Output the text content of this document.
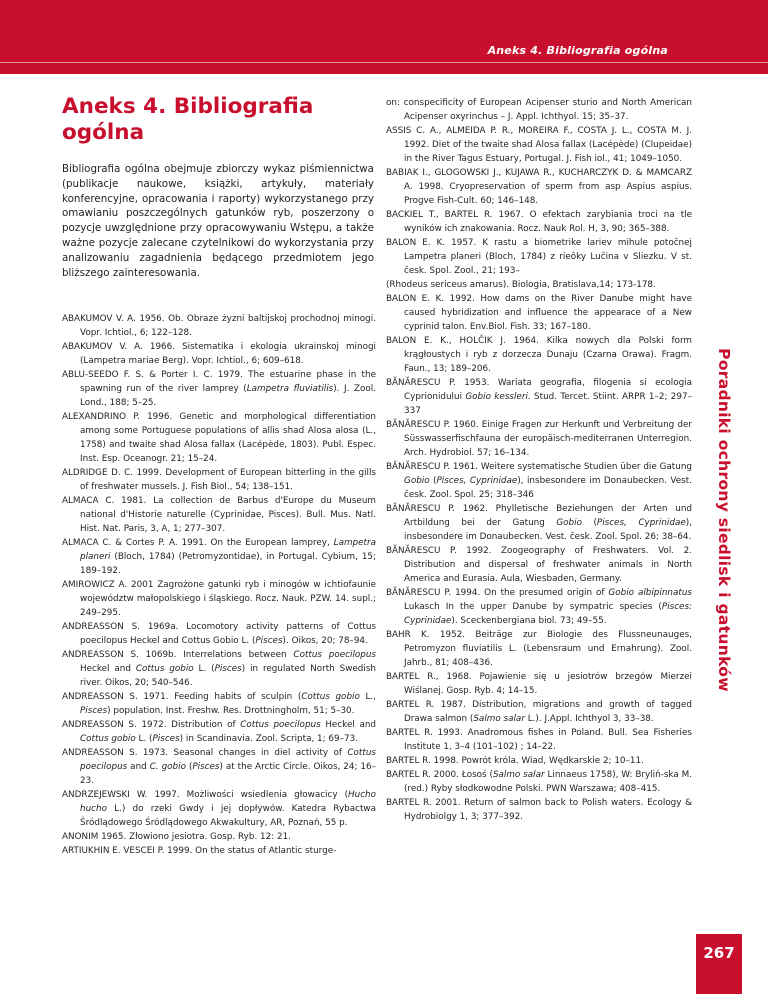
Aneks 4. Bibliografia ogólna
Aneks 4. Bibliografia ogólna

Bibliografia ogólna obejmuje zbiorczy wykaz piśmiennictwa (publikacje naukowe, książki, artykuły, materiały konferencyjne, opracowania i raporty) wykorzystanego przy omawianiu poszczególnych gatunków ryb, poszerzony o pozycje uwzględnione przy opracowywaniu Wstępu, a także ważne pozycje zalecane czytelnikowi do wykorzystania przy analizowaniu zagadnienia będącego przedmiotem jego bliższego zainteresowania.

ABAKUMOV V. A. 1956. Ob. Obraze żyzni baltijskoj prochodnoj minogi. Vopr. Ichtiol., 6; 122–128.

ABAKUMOV V. A. 1966. Sistematika i ekologia ukrainskoj minogi (Lampetra mariae Berg). Vopr. Ichtiol., 6; 609–618.

ABLU-SEEDO F. S. & Porter I. C. 1979. The estuarine phase in the spawning run of the river lamprey (Lampetra fluviatilis). J. Zool. Lond., 188; 5–25.

ALEXANDRINO P. 1996. Genetic and morphological differentiation among some Portuguese populations of allis shad Alosa alosa (L., 1758) and twaite shad Alosa fallax (Lacépède, 1803). Publ. Espec. Inst. Esp. Oceanogr. 21; 15–24.

ALDRIDGE D. C. 1999. Development of European bitterling in the gills of freshwater mussels. J. Fish Biol., 54; 138–151.

ALMACA C. 1981. La collection de Barbus d'Europe du Museum national d'Historie naturelle (Cyprinidae, Pisces). Bull. Mus. Natl. Hist. Nat. Paris, 3, A, 1; 277–307.

ALMACA C. & Cortes P. A. 1991. On the European lamprey, Lampetra planeri (Bloch, 1784) (Petromyzontidae), in Portugal. Cybium, 15; 189–192.

AMIROWICZ A. 2001 Zagrożone gatunki ryb i minogów w ichtiofaunie województw małopolskiego i śląskiego. Rocz. Nauk. PZW. 14. supl.; 249–295.

ANDREASSON S. 1969a. Locomotory activity patterns of Cottus poecilopus Heckel and Cottus Gobio L. (Pisces). Oikos, 20; 78–94.

ANDREASSON S. 1069b. Interrelations between Cottus poecilopus Heckel and Cottus gobio L. (Pisces) in regulated North Swedish river. Oikos, 20; 540–546.

ANDREASSON S. 1971. Feeding habits of sculpin (Cottus gobio L., Pisces) population. Inst. Freshw. Res. Drottningholm, 51; 5–30.

ANDREASSON S. 1972. Distribution of Cottus poecilopus Heckel and Cottus gobio L. (Pisces) in Scandinavia. Zool. Scripta, 1; 69–73.

ANDREASSON S. 1973. Seasonal changes in diel activity of Cottus poecilopus and C. gobio (Pisces) at the Arctic Circle. Oikos, 24; 16–23.

ANDRZEJEWSKI W. 1997. Możliwości wsiedlenia głowacicy (Hucho hucho L.) do rzeki Gwdy i jej dopływów. Katedra Rybactwa Śródlądowego Śródlądowego Akwakultury, AR, Poznań, 55 p.

ANONIM 1965. Złowiono jesiotra. Gosp. Ryb. 12: 21.

ARTIUKHIN E. VESCEI P. 1999. On the status of Atlantic sturge-

on: conspecificity of European Acipenser sturio and North American Acipenser oxyrinchus – J. Appl. Ichthyol. 15; 35–37.

ASSIS C. A., ALMEIDA P. R., MOREIRA F., COSTA J. L., COSTA M. J. 1992. Diet of the twaite shad Alosa fallax (Lacépède) (Clupeidae) in the River Tagus Estuary, Portugal. J. Fish iol., 41; 1049–1050.

BABIAK I., GLOGOWSKI J., KUJAWA R., KUCHARCZYK D. & MAMCARZ A. 1998. Cryopreservation of sperm from asp Aspius aspius. Progve Fish-Cult. 60; 146–148.

BACKIEL T., BARTEL R. 1967. O efektach zarybiania troci na tle wyników ich znakowania. Rocz. Nauk Rol. H, 3, 90; 365–388.

BALON E. K. 1957. K rastu a biometrike lariev mihule potočnej Lampetra planeri (Bloch, 1784) z rieôky Lučina v Sliezku. V st. česk. Spol. Zool., 21; 193–

(Rhodeus sericeus amarus). Biologia, Bratislava,14; 173-178.

BALON E. K. 1992. How dams on the River Danube might have caused hybridization and influence the appearace of a New cyprinid talon. Env.Biol. Fish. 33; 167–180.

BALON E. K., HOLČIK J. 1964. Kilka nowych dla Polski form krągłoustych i ryb z dorzecza Dunaju (Czarna Orawa). Fragm. Faun., 13; 189–206.

BĂNĂRESCU P. 1953. Wariata geografia, filogenia si ecologia Cyprionidului Gobio kessleri. Stud. Tercet. Stiint. ARPR 1–2; 297–337

BĂNĂRESCU P. 1960. Einige Fragen zur Herkunft und Verbreitung der Süsswasserfischfauna der europäisch-mediterranen Unterregion. Arch. Hydrobiol. 57; 16–134.

BĂNĂRESCU P. 1961. Weitere systematische Studien über die Gatung Gobio (Pisces, Cyprinidae), insbesondere im Donaubecken. Vest. česk. Zool. Spol. 25; 318–346

BĂNĂRESCU P. 1962. Phylletische Beziehungen der Arten und Artbildung bei der Gatung Gobio (Pisces, Cyprinidae), insbesondere im Donaubecken. Vest. česk. Zool. Spol. 26; 38–64.

BĂNĂRESCU P. 1992. Zoogeography of Freshwaters. Vol. 2. Distribution and dispersal of freshwater animals in North America and Eurasia. Aula, Wiesbaden, Germany.

BĂNĂRESCU P. 1994. On the presumed origin of Gobio albipinnatus Lukasch In the upper Danube by sympatric species (Pisces: Cyprinidae). Sceckenbergiana biol. 73; 49–55.

BAHR K. 1952. Beiträge zur Biologie des Flussneunauges, Petromyzon fluviatilis L. (Lebensraum und Ernahrung). Zool. Jahrb., 81; 408–436.

BARTEL R., 1968. Pojawienie się u jesiotrów brzegów Mierzei Wiślanej. Gosp. Ryb. 4; 14–15.

BARTEL R. 1987. Distribution, migrations and growth of tagged Drawa salmon (Salmo salar L.). J.Appl. Ichthyol 3, 33–38.

BARTEL R. 1993. Anadromous fishes in Poland. Bull. Sea Fisheries Institute 1, 3–4 (101–102) ; 14–22.

BARTEL R. 1998. Powrót króla. Wiad, Wędkarskie 2; 10–11.

BARTEL R. 2000. Łosoś (Salmo salar Linnaeus 1758), W: Bryliń-ska M. (red.) Ryby słodkowodne Polski. PWN Warszawa; 408–415.

BARTEL R. 2001. Return of salmon back to Polish waters. Ecology & Hydrobiolgy 1, 3; 377–392.

Poradniki ochrony siedlisk i gatunków
267
